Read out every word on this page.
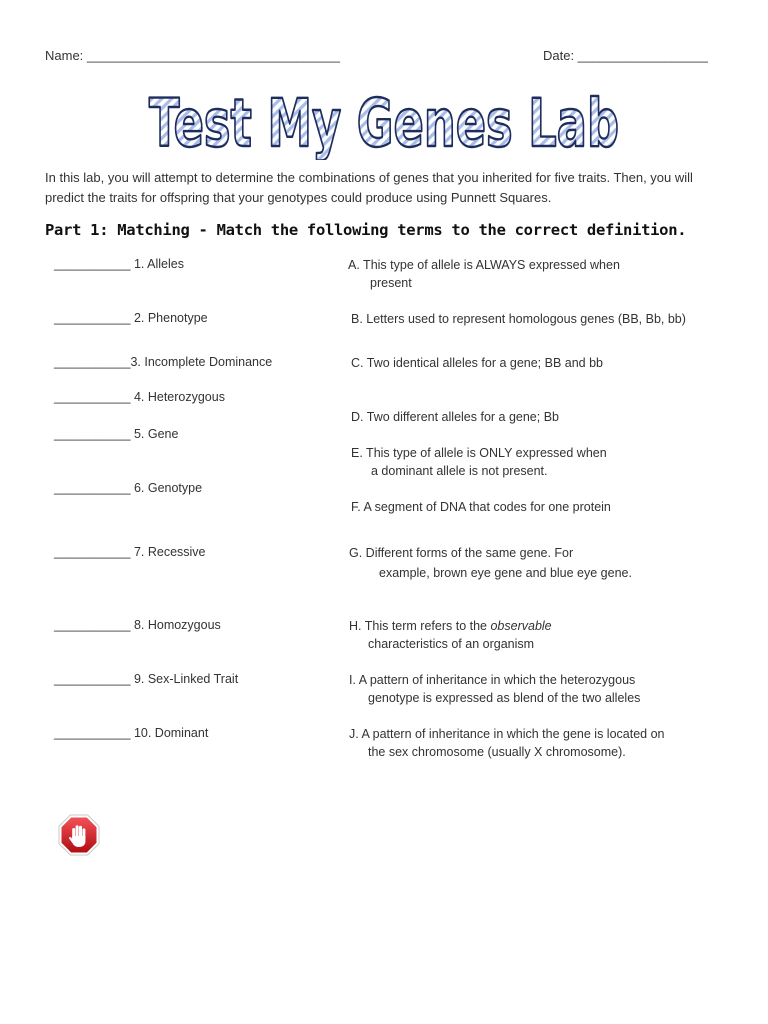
Name: ___________________________________	Date: __________________
Test My Genes Lab
In this lab, you will attempt to determine the combinations of genes that you inherited for five traits. Then, you will predict the traits for offspring that your genotypes could produce using Punnett Squares.
Part 1: Matching - Match the following terms to the correct definition.
___________ 1. Alleles
___________ 2. Phenotype
___________3. Incomplete Dominance
___________ 4. Heterozygous
___________ 5. Gene
___________ 6. Genotype
___________ 7. Recessive
___________ 8. Homozygous
___________ 9. Sex-Linked Trait
___________ 10. Dominant
A. This type of allele is ALWAYS expressed when
present
B. Letters used to represent homologous genes (BB, Bb, bb)
C. Two identical alleles for a gene; BB and bb
D. Two different alleles for a gene; Bb
E. This type of allele is ONLY expressed when
a dominant allele is not present.
F. A segment of DNA that codes for one protein
G. Different forms of the same gene. For
example, brown eye gene and blue eye gene.
H. This term refers to the observable
characteristics of an organism
I. A pattern of inheritance in which the heterozygous
genotype is expressed as blend of the two alleles
J. A pattern of inheritance in which the gene is located on
the sex chromosome (usually X chromosome).
